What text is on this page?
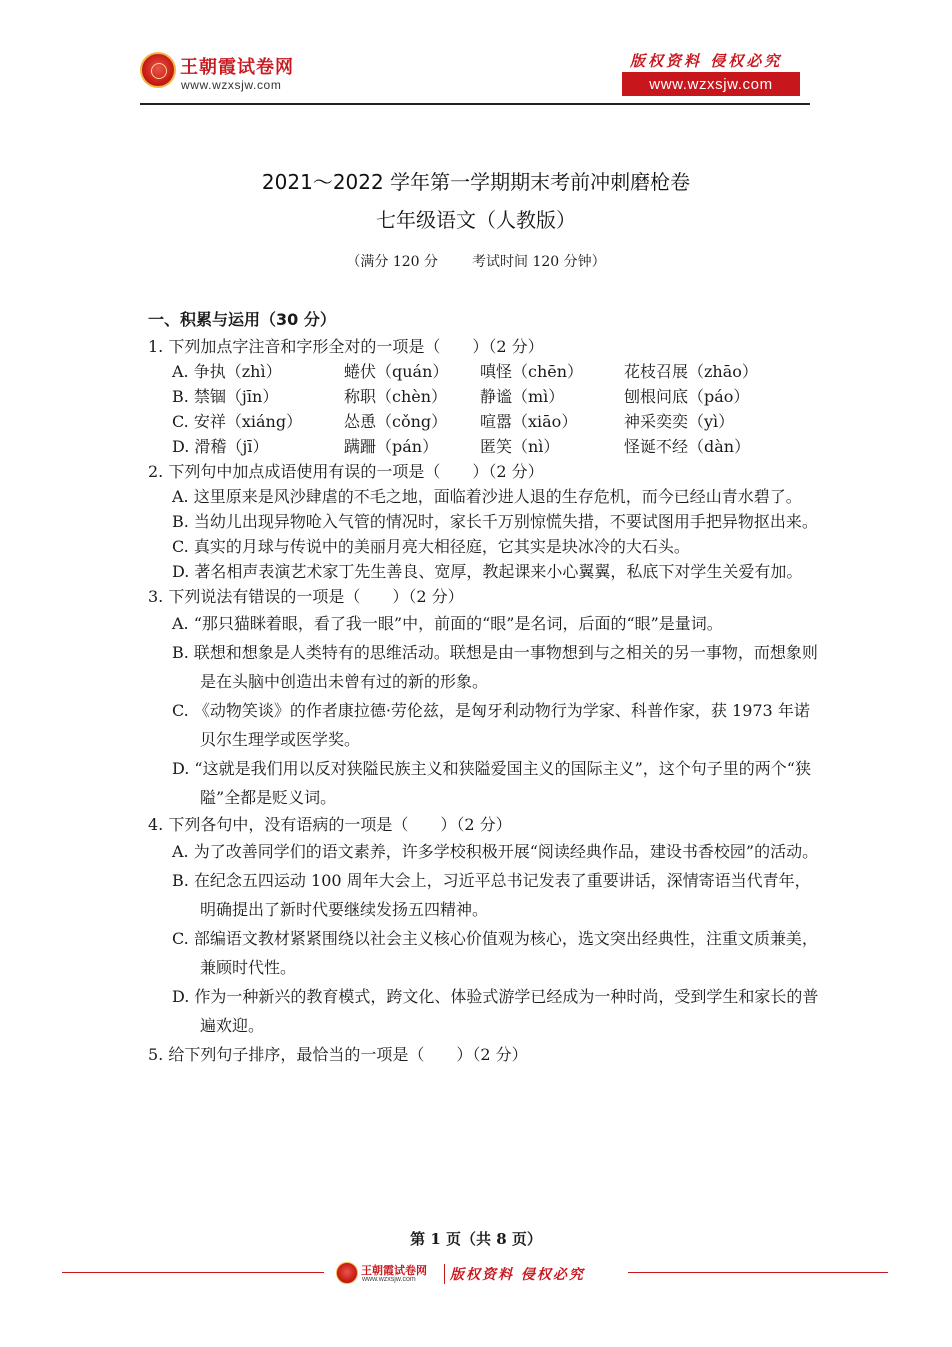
王朝霞试卷网
www.wzxsjw.com
版权资料 侵权必究
www.wzxsjw.com
2021～2022 学年第一学期期末考前冲刺磨枪卷
七年级语文（人教版）
（满分 120 分 考试时间 120 分钟）
一、积累与运用（30 分）
1. 下列加点字注音和字形全对的一项是（　　）（2 分）
A. 争执（zhì）	蜷伏（quán）	嗔怪（chēn）	花枝召展（zhāo）
B. 禁锢（jīn）	称职（chèn）	静谧（mì）	刨根问底（páo）
C. 安祥（xiáng）	怂恿（cǒng）	喧嚣（xiāo）	神采奕奕（yì）
D. 滑稽（jī）	蹒跚（pán）	匿笑（nì）	怪诞不经（dàn）
2. 下列句中加点成语使用有误的一项是（　　）（2 分）
A. 这里原来是风沙肆虐的不毛之地，面临着沙进人退的生存危机，而今已经山青水碧了。
B. 当幼儿出现异物呛入气管的情况时，家长千万别惊慌失措，不要试图用手把异物抠出来。
C. 真实的月球与传说中的美丽月亮大相径庭，它其实是块冰冷的大石头。
D. 著名相声表演艺术家丁先生善良、宽厚，教起课来小心翼翼，私底下对学生关爱有加。
3. 下列说法有错误的一项是（　　）（2 分）
A. “那只猫眯着眼，看了我一眼”中，前面的“眼”是名词，后面的“眼”是量词。
B. 联想和想象是人类特有的思维活动。联想是由一事物想到与之相关的另一事物，而想象则是在头脑中创造出未曾有过的新的形象。
C. 《动物笑谈》的作者康拉德·劳伦兹，是匈牙利动物行为学家、科普作家，获 1973 年诺贝尔生理学或医学奖。
D. “这就是我们用以反对狭隘民族主义和狭隘爱国主义的国际主义”，这个句子里的两个“狭隘”全都是贬义词。
4. 下列各句中，没有语病的一项是（　　）（2 分）
A. 为了改善同学们的语文素养，许多学校积极开展“阅读经典作品，建设书香校园”的活动。
B. 在纪念五四运动 100 周年大会上，习近平总书记发表了重要讲话，深情寄语当代青年，明确提出了新时代要继续发扬五四精神。
C. 部编语文教材紧紧围绕以社会主义核心价值观为核心，选文突出经典性，注重文质兼美，兼顾时代性。
D. 作为一种新兴的教育模式，跨文化、体验式游学已经成为一种时尚，受到学生和家长的普遍欢迎。
5. 给下列句子排序，最恰当的一项是（　　）（2 分）
第 1 页（共 8 页）
王朝霞试卷网
www.wzxsjw.com 版权资料 侵权必究
